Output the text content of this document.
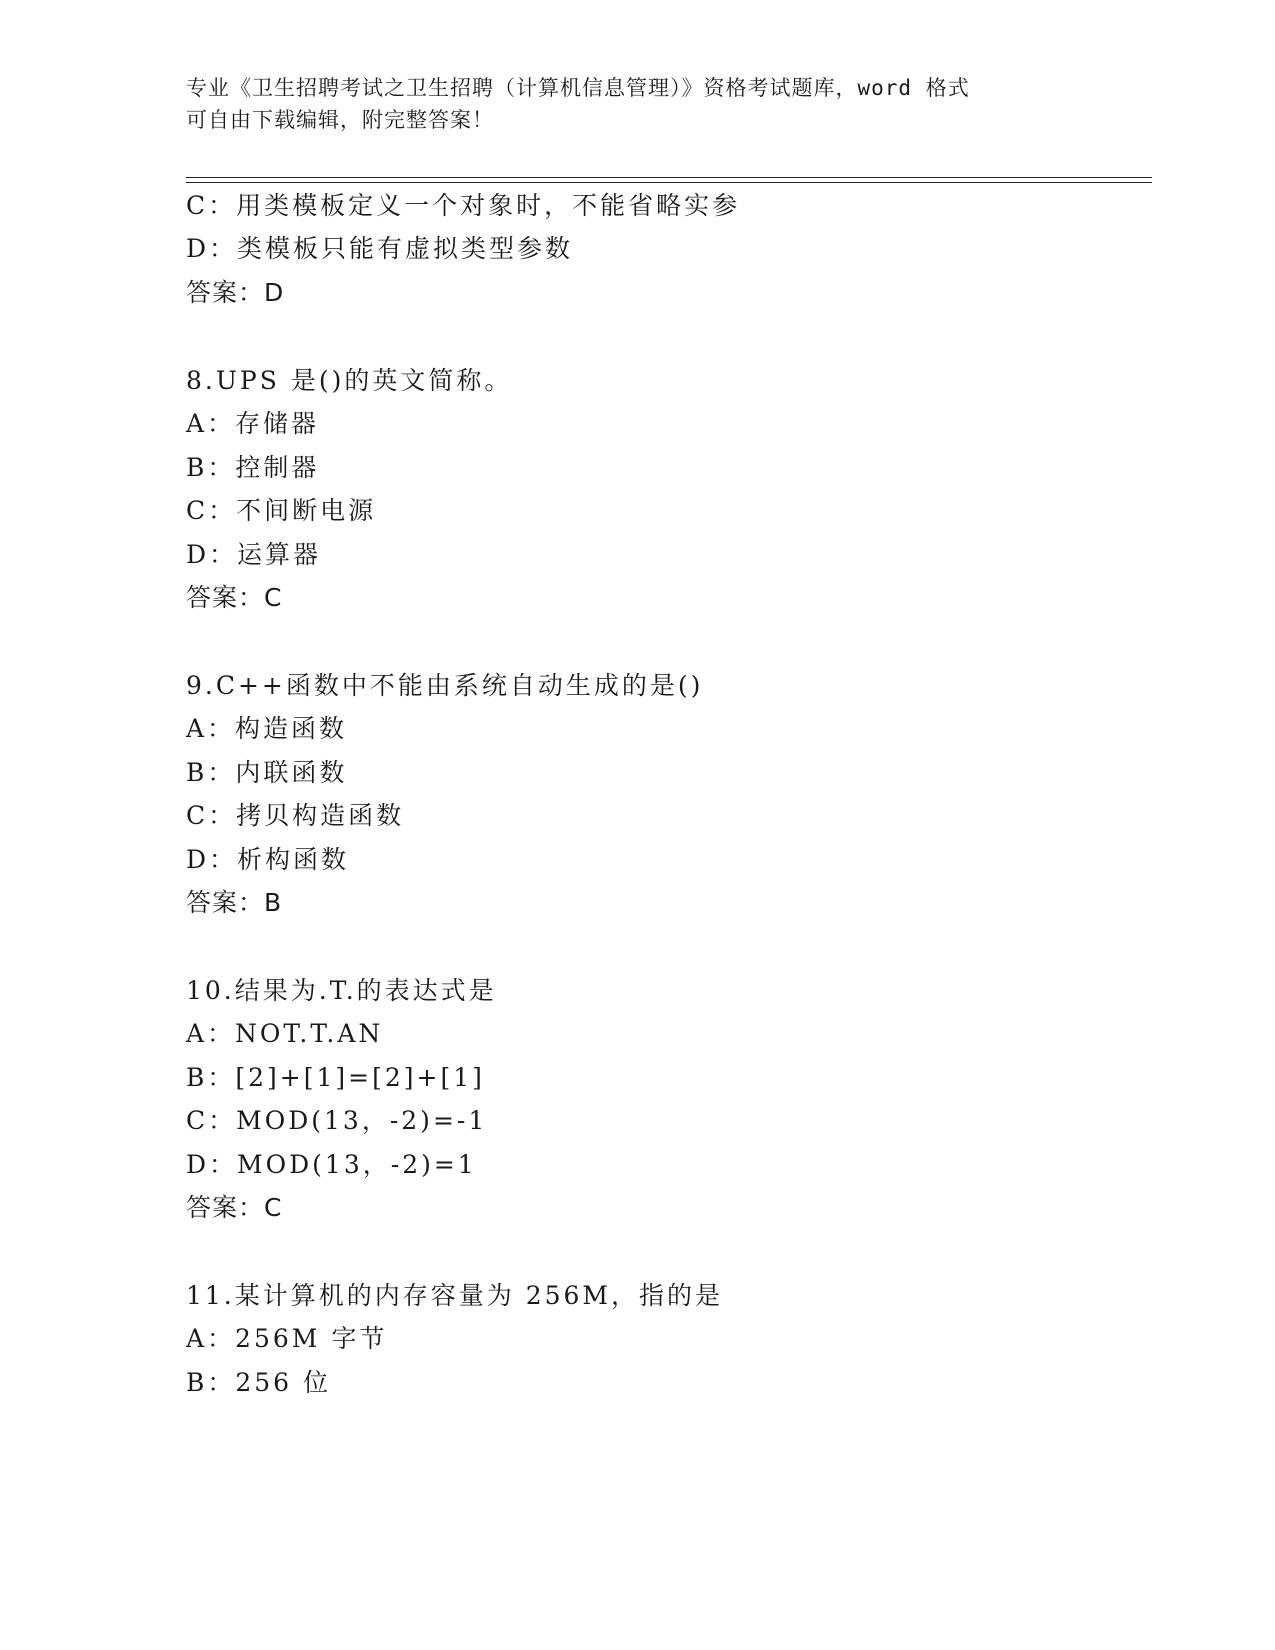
专业《卫生招聘考试之卫生招聘（计算机信息管理）》资格考试题库，word 格式

可自由下载编辑，附完整答案！

C：用类模板定义一个对象时，不能省略实参
D：类模板只能有虚拟类型参数
答案：D
8.UPS 是()的英文简称。
A：存储器
B：控制器
C：不间断电源
D：运算器
答案：C
9.C++函数中不能由系统自动生成的是()
A：构造函数
B：内联函数
C：拷贝构造函数
D：析构函数
答案：B
10.结果为.T.的表达式是
A：NOT.T.AN
B：[2]+[1]=[2]+[1]
C：MOD(13，-2)=-1
D：MOD(13，-2)=1
答案：C
11.某计算机的内存容量为 256M，指的是
A：256M 字节
B：256 位
